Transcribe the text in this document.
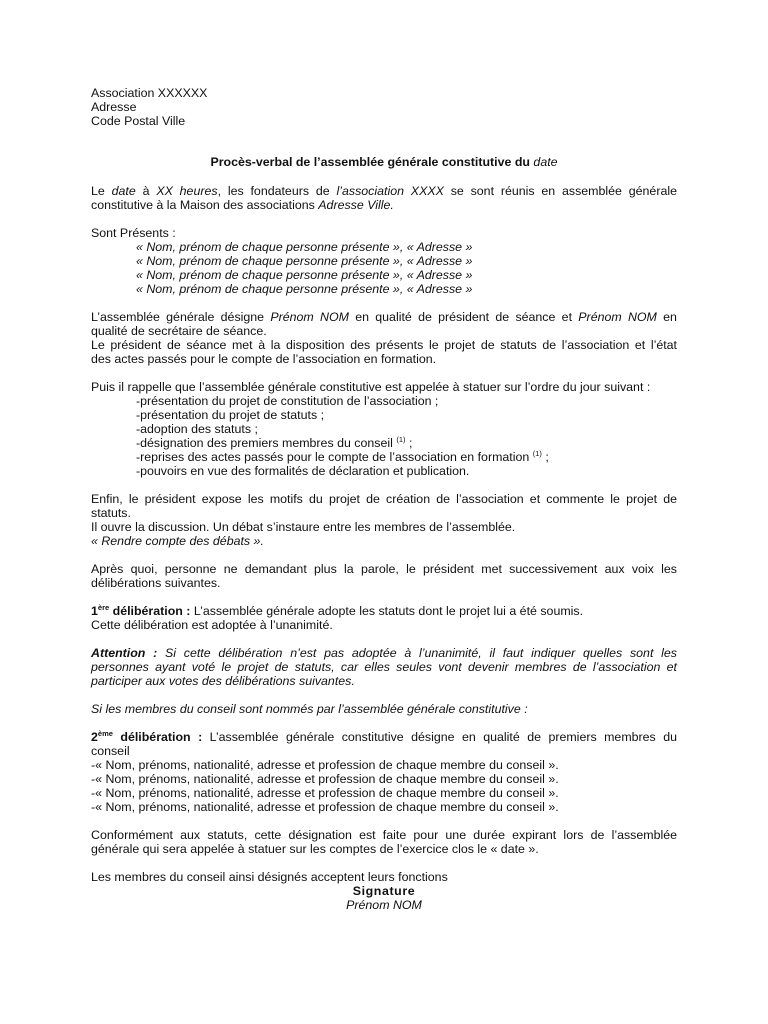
Association XXXXXX
Adresse
Code Postal Ville
Procès-verbal de l’assemblée générale constitutive du date

Le date à XX heures, les fondateurs de l’association XXXX se sont réunis en assemblée générale

constitutive à la Maison des associations Adresse Ville.

Sont Présents :
« Nom, prénom de chaque personne présente », « Adresse »
« Nom, prénom de chaque personne présente », « Adresse »
« Nom, prénom de chaque personne présente », « Adresse »
« Nom, prénom de chaque personne présente », « Adresse »

L’assemblée générale désigne Prénom NOM en qualité de président de séance et Prénom NOM en

qualité de secrétaire de séance.

Le président de séance met à la disposition des présents le projet de statuts de l’association et l’état

des actes passés pour le compte de l’association en formation.

Puis il rappelle que l’assemblée générale constitutive est appelée à statuer sur l’ordre du jour suivant :
-présentation du projet de constitution de l’association ;
-présentation du projet de statuts ;
-adoption des statuts ;
-désignation des premiers membres du conseil $^{(1)}$ ;
-reprises des actes passés pour le compte de l’association en formation $^{(1)}$ ;
-pouvoirs en vue des formalités de déclaration et publication.

Enfin, le président expose les motifs du projet de création de l’association et commente le projet de

statuts.

Il ouvre la discussion. Un débat s’instaure entre les membres de l’assemblée.

« Rendre compte des débats ».

Après quoi, personne ne demandant plus la parole, le président met successivement aux voix les

délibérations suivantes.

1ère délibération : L’assemblée générale adopte les statuts dont le projet lui a été soumis.
Cette délibération est adoptée à l’unanimité.

Attention : Si cette délibération n’est pas adoptée à l’unanimité, il faut indiquer quelles sont les

personnes ayant voté le projet de statuts, car elles seules vont devenir membres de l’association et

participer aux votes des délibérations suivantes.

Si les membres du conseil sont nommés par l’assemblée générale constitutive :

2ème délibération : L’assemblée générale constitutive désigne en qualité de premiers membres du

conseil

-« Nom, prénoms, nationalité, adresse et profession de chaque membre du conseil ».
-« Nom, prénoms, nationalité, adresse et profession de chaque membre du conseil ».
-« Nom, prénoms, nationalité, adresse et profession de chaque membre du conseil ».
-« Nom, prénoms, nationalité, adresse et profession de chaque membre du conseil ».

Conformément aux statuts, cette désignation est faite pour une durée expirant lors de l’assemblée

générale qui sera appelée à statuer sur les comptes de l’exercice clos le « date ».

Les membres du conseil ainsi désignés acceptent leurs fonctions
Signature
Prénom NOM
